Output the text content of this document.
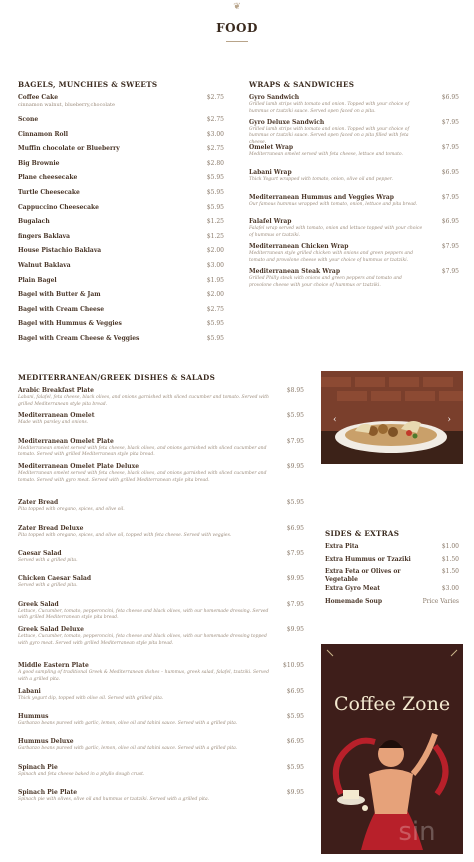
❦
FOOD
BAGELS, MUNCHIES & SWEETS
Coffee Cake	$2.75
cinnamon walnut, blueberry,chocolate
Scone	$2.75
Cinnamon Roll	$3.00
Muffin chocolate or Blueberry	$2.75
Big Brownie	$2.80
Plane cheesecake	$5.95
Turtle Cheesecake	$5.95
Cappuccino Cheesecake	$5.95
Bugalach	$1.25
fingers Baklava	$1.25
House Pistachio Baklava	$2.00
Walnut Baklava	$3.00
Plain Bagel	$1.95
Bagel with Butter & Jam	$2.00
Bagel with Cream Cheese	$2.75
Bagel with Hummus & Veggies	$5.95
Bagel with Cream Cheese & Veggies	$5.95
WRAPS & SANDWICHES
Gyro Sandwich	$6.95
Grilled lamb strips with tomato and onion. Topped with your choice of hummus or tzatziki sauce. Served open faced on a pita.
Gyro Deluxe Sandwich	$7.95
Grilled lamb strips with tomato and onion. Topped with your choice of hummus or tzatziki sauce. Served open faced on a pita filled with feta cheese.
Omelet Wrap	$7.95
Mediterranean omelet served with feta cheese, lettuce and tomato.
Labani Wrap	$6.95
Thick Yogurt wrapped with tomato, onion, olive oil and pepper.
Mediterranean Hummus and Veggies Wrap	$7.95
Our famous hummus wrapped with tomato, onion, lettuce and pita bread.
Falafel Wrap	$6.95
Falafel wrap served with tomato, onion and lettuce topped with your choice of hummus or tzatziki.
Mediterranean Chicken Wrap	$7.95
Mediterranean style grilled chicken with onions and green peppers and tomato and provolone cheese with your choice of hummus or tzatziki.
Mediterranean Steak Wrap	$7.95
Grilled Philly steak with onions and green peppers and tomato and provolone cheese with your choice of hummus or tzatziki.
MEDITERRANEAN/GREEK DISHES & SALADS
Arabic Breakfast Plate	$8.95
Labani, falafel, feta cheese, black olives, and onions garnished with sliced cucumber and tomato. Served with grilled Mediterranean style pita bread.
Mediterranean Omelet	$5.95
Made with parsley and onions.
Mediterranean Omelet Plate	$7.95
Mediterranean omelet served with feta cheese, black olives, and onions garnished with sliced cucumber and tomato. Served with grilled Mediterranean style pita bread.
Mediterranean Omelet Plate Deluxe	$9.95
Mediterranean omelet served with feta cheese, black olives, and onions garnished with sliced cucumber and tomato. Served with gyro meat. Served with grilled Mediterranean style pita bread.
Zater Bread	$5.95
Pita topped with oregano, spices, and olive oil.
Zater Bread Deluxe	$6.95
Pita topped with oregano, spices, and olive oil, topped with feta cheese. Served with veggies.
Caesar Salad	$7.95
Served with a grilled pita.
Chicken Caesar Salad	$9.95
Served with a grilled pita.
Greek Salad	$7.95
Lettuce, Cucumber, tomato, pepperoncini, feta cheese and black olives, with our homemade dressing. Served with grilled Mediterranean style pita bread.
Greek Salad Deluxe	$9.95
Lettuce, Cucumber, tomato, pepperoncini, feta cheese and black olives, with our homemade dressing topped with gyro meat. Served with grilled Mediterranean style pita bread.
Middle Eastern Plate	$10.95
A good sampling of traditional Greek & Mediterranean dishes – hummus, greek salad, falafel, tzatziki. Served with a grilled pita.
Labani	$6.95
Thick yogurt dip, topped with olive oil. Served with grilled pita.
Hummus	$5.95
Garbanzo beans pureed with garlic, lemon, olive oil and tahini sauce. Served with a grilled pita.
Hummus Deluxe	$6.95
Garbanzo beans pureed with garlic, lemon, olive oil and tahini sauce. Served with a grilled pita.
Spinach Pie	$5.95
Spinach and feta cheese baked in a phyllo dough crust.
Spinach Pie Plate	$9.95
Spinach pie with olives, olive oil and hummus or tzatziki. Served with a grilled pita.
‹	›
SIDES & EXTRAS
Extra Pita	$1.00
Extra Hummus or Tzaziki	$1.50
Extra Feta or Olives or Vegetable
$1.50
Extra Gyro Meat	$3.00
Homemade Soup	Price Varies
Coffee Zone
sin
